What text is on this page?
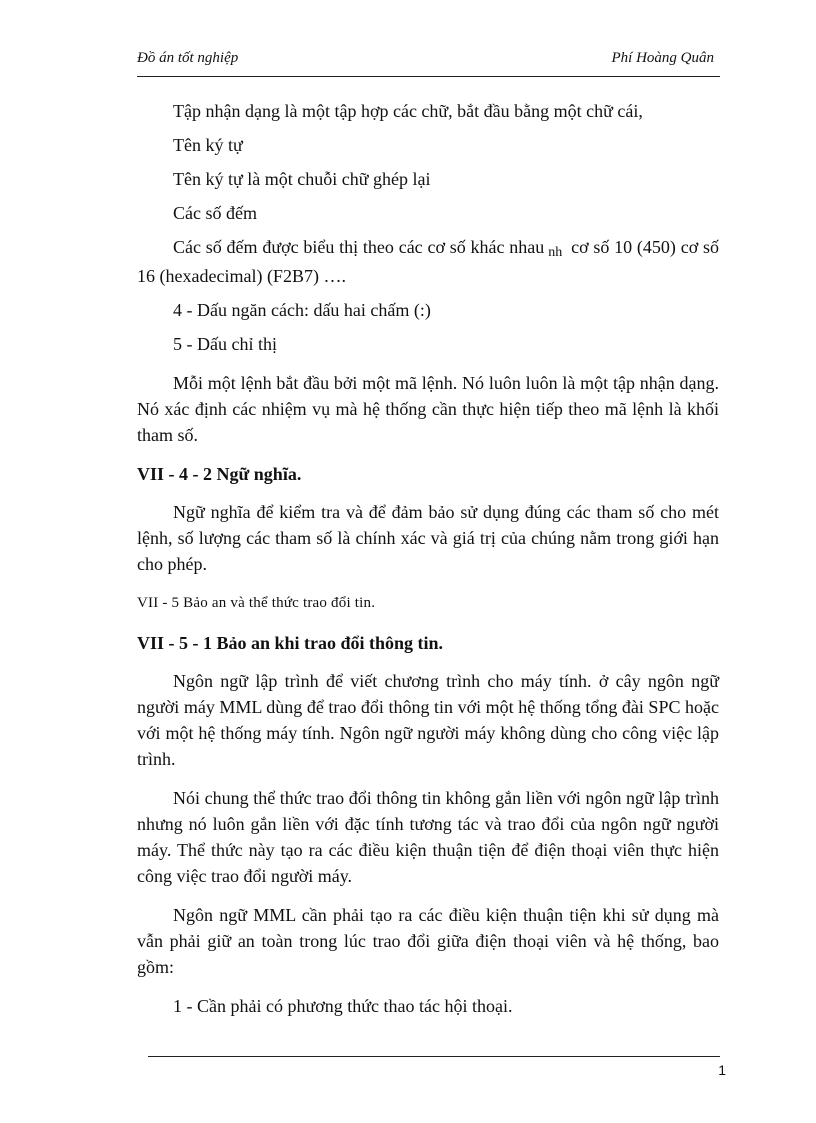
Đồ án tốt nghiệp	Phí Hoàng Quân

Tập nhận dạng là một tập hợp các chữ, bắt đầu bằng một chữ cái,

Tên ký tự

Tên ký tự là một chuỗi chữ ghép lại

Các số đếm

Các số đếm được biểu thị theo các cơ số khác nhau nh cơ số 10 (450) cơ số 16 (hexadecimal) (F2B7) ….

4 - Dấu ngăn cách: dấu hai chấm (:)

5 - Dấu chỉ thị

Mỗi một lệnh bắt đầu bởi một mã lệnh. Nó luôn luôn là một tập nhận dạng. Nó xác định các nhiệm vụ mà hệ thống cần thực hiện tiếp theo mã lệnh là khối tham số.

VII - 4 - 2 Ngữ nghĩa.

Ngữ nghĩa để kiểm tra và để đảm bảo sử dụng đúng các tham số cho mét lệnh, số lượng các tham số là chính xác và giá trị của chúng nằm trong giới hạn cho phép.

VII - 5 Bảo an và thể thức trao đổi tin.
VII - 5 - 1 Bảo an khi trao đổi thông tin.

Ngôn ngữ lập trình để viết chương trình cho máy tính. ở cây ngôn ngữ người máy MML dùng để trao đổi thông tin với một hệ thống tổng đài SPC hoặc với một hệ thống máy tính. Ngôn ngữ người máy không dùng cho công việc lập trình.

Nói chung thể thức trao đổi thông tin không gắn liền với ngôn ngữ lập trình nhưng nó luôn gắn liền với đặc tính tương tác và trao đổi của ngôn ngữ người máy. Thể thức này tạo ra các điều kiện thuận tiện để điện thoại viên thực hiện công việc trao đổi người máy.

Ngôn ngữ MML cần phải tạo ra các điều kiện thuận tiện khi sử dụng mà vẫn phải giữ an toàn trong lúc trao đổi giữa điện thoại viên và hệ thống, bao gồm:

1 - Cần phải có phương thức thao tác hội thoại.

1
